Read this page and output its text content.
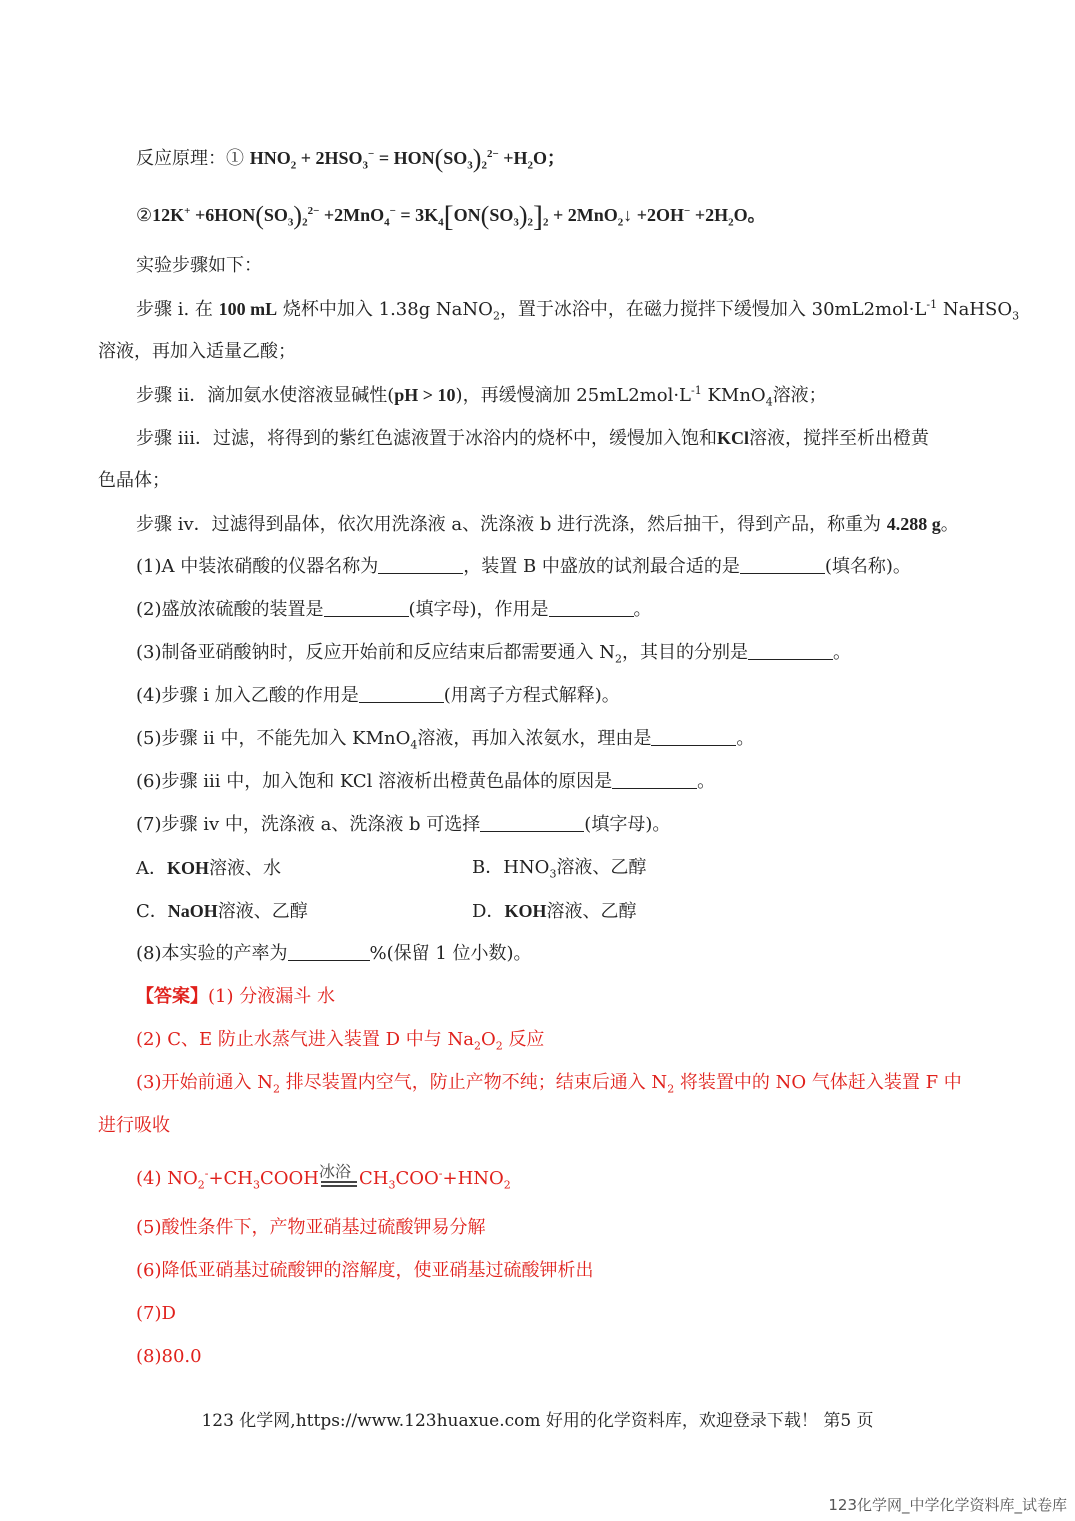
反应原理：① $HNO_2 + 2HSO_3^- = HON(SO_3)_2^{2-} +H_2O$；
②12K+ $+6HON(SO_3)_2^{2-} +2MnO_4^- = 3K_4[ON(SO_3)_2]_2$ + 2MnO$_2$↓ $+2OH^- +2H_2O$。
实验步骤如下：
步骤 i. 在 100 mL 烧杯中加入 1.38g NaNO$_2$，置于冰浴中，在磁力搅拌下缓慢加入 $30mL2mol\cdot L^{-1}$ NaHSO$_3$
溶液，再加入适量乙酸；
步骤 ii．滴加氨水使溶液显碱性(pH > 10)，再缓慢滴加 $25mL2mol\cdot L^{-1}$ KMnO$_4$溶液；
步骤 iii．过滤，将得到的紫红色滤液置于冰浴内的烧杯中，缓慢加入饱和KCl溶液，搅拌至析出橙黄
色晶体；
步骤 iv．过滤得到晶体，依次用洗涤液 a、洗涤液 b 进行洗涤，然后抽干，得到产品，称重为 4.288 g。
(1)A 中装浓硝酸的仪器名称为	，装置 B 中盛放的试剂最合适的是	(填名称)。
(2)盛放浓硫酸的装置是	(填字母)，作用是	。
(3)制备亚硝酸钠时，反应开始前和反应结束后都需要通入 $N_2$，其目的分别是	。
(4)步骤 i 加入乙酸的作用是	(用离子方程式解释)。
(5)步骤 ii 中，不能先加入 KMnO$_4$溶液，再加入浓氨水，理由是	。
(6)步骤 iii 中，加入饱和 KCl 溶液析出橙黄色晶体的原因是	。
(7)步骤 iv 中，洗涤液 a、洗涤液 b 可选择	(填字母)。
A．KOH溶液、水	B．$HNO_3$溶液、乙醇
C．NaOH溶液、乙醇	D．KOH溶液、乙醇
(8)本实验的产率为	%(保留 1 位小数)。
【答案】(1) 分液漏斗 水
(2) C、E 防止水蒸气进入装置 D 中与 $Na_2O_2$ 反应
(3)开始前通入 $N_2$ 排尽装置内空气，防止产物不纯；结束后通入 $N_2$ 将装置中的 NO 气体赶入装置 F 中
进行吸收
(4) $NO_2^-+CH_3COOH$ 冰浴 $CH_3COO^-+HNO_2$
(5)酸性条件下，产物亚硝基过硫酸钾易分解
(6)降低亚硝基过硫酸钾的溶解度，使亚硝基过硫酸钾析出
(7)D
(8)80.0
123 化学网,https://www.123huaxue.com 好用的化学资料库，欢迎登录下载！ 第5 页
123化学网_中学化学资料库_试卷库
